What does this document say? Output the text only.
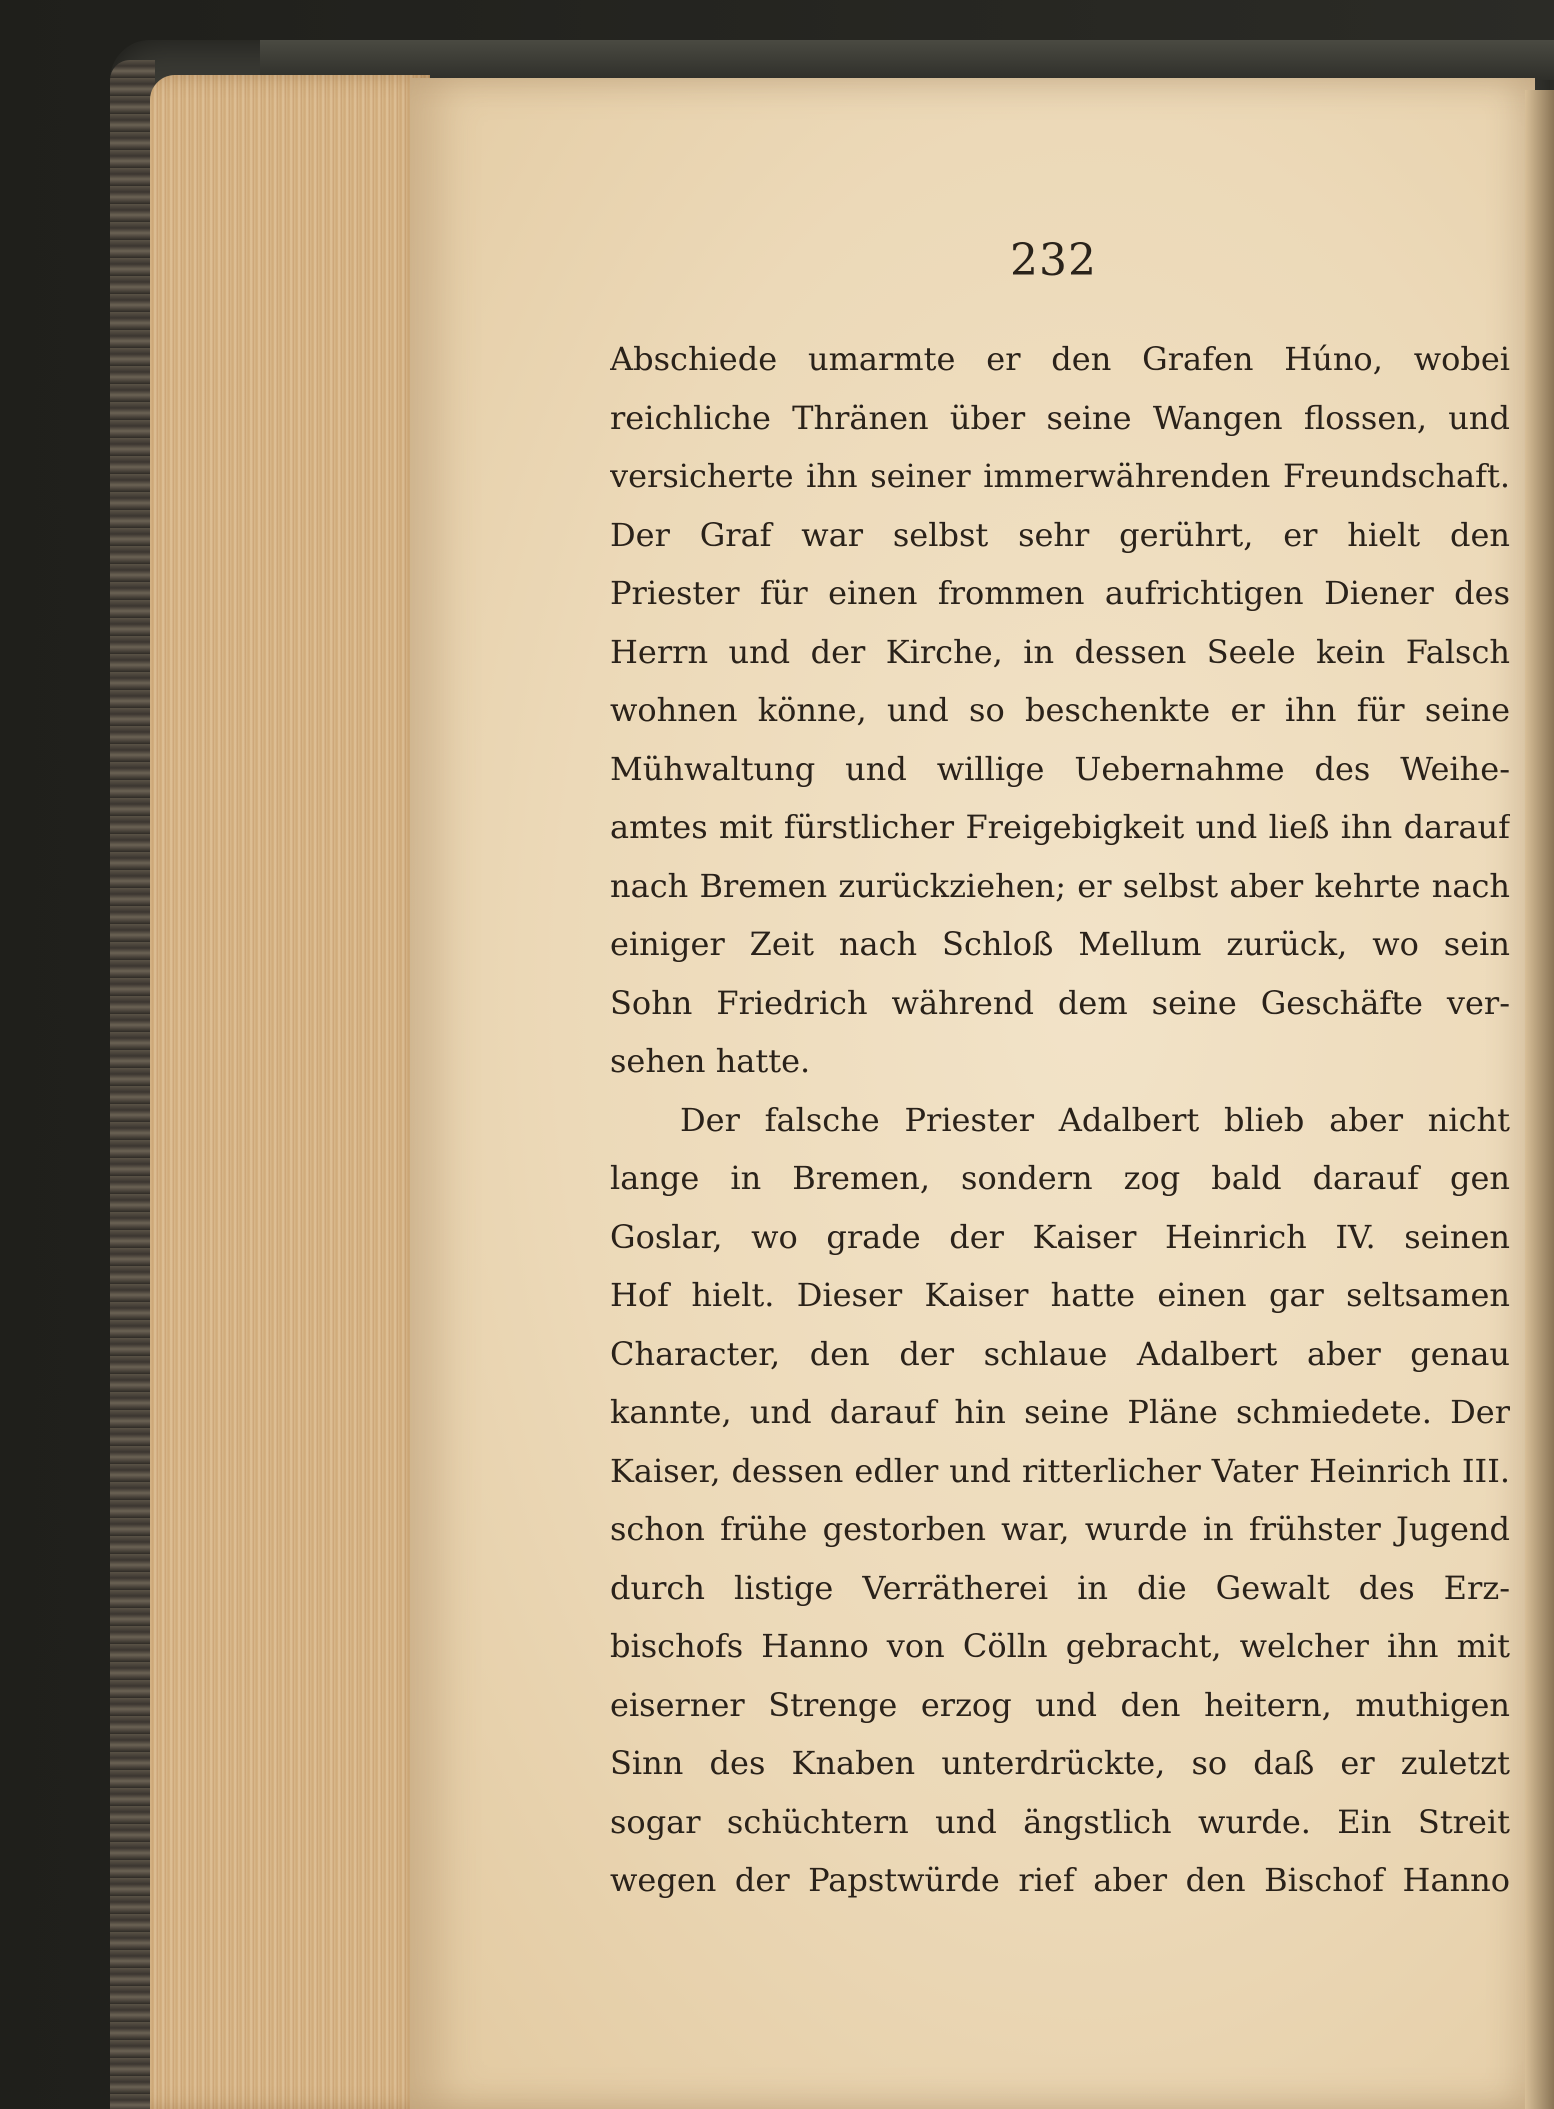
232
Abschiede umarmte er den Grafen Húno, wobei
reichliche Thränen über seine Wangen flossen, und
versicherte ihn seiner immerwährenden Freundschaft.
Der Graf war selbst sehr gerührt, er hielt den
Priester für einen frommen aufrichtigen Diener des
Herrn und der Kirche, in dessen Seele kein Falsch
wohnen könne, und so beschenkte er ihn für seine
Mühwaltung und willige Uebernahme des Weihe-
amtes mit fürstlicher Freigebigkeit und ließ ihn darauf
nach Bremen zurückziehen; er selbst aber kehrte nach
einiger Zeit nach Schloß Mellum zurück, wo sein
Sohn Friedrich während dem seine Geschäfte ver-
sehen hatte.
Der falsche Priester Adalbert blieb aber nicht
lange in Bremen, sondern zog bald darauf gen
Goslar, wo grade der Kaiser Heinrich IV. seinen
Hof hielt. Dieser Kaiser hatte einen gar seltsamen
Character, den der schlaue Adalbert aber genau
kannte, und darauf hin seine Pläne schmiedete. Der
Kaiser, dessen edler und ritterlicher Vater Heinrich III.
schon frühe gestorben war, wurde in frühster Jugend
durch listige Verrätherei in die Gewalt des Erz-
bischofs Hanno von Cölln gebracht, welcher ihn mit
eiserner Strenge erzog und den heitern, muthigen
Sinn des Knaben unterdrückte, so daß er zuletzt
sogar schüchtern und ängstlich wurde. Ein Streit
wegen der Papstwürde rief aber den Bischof Hanno
